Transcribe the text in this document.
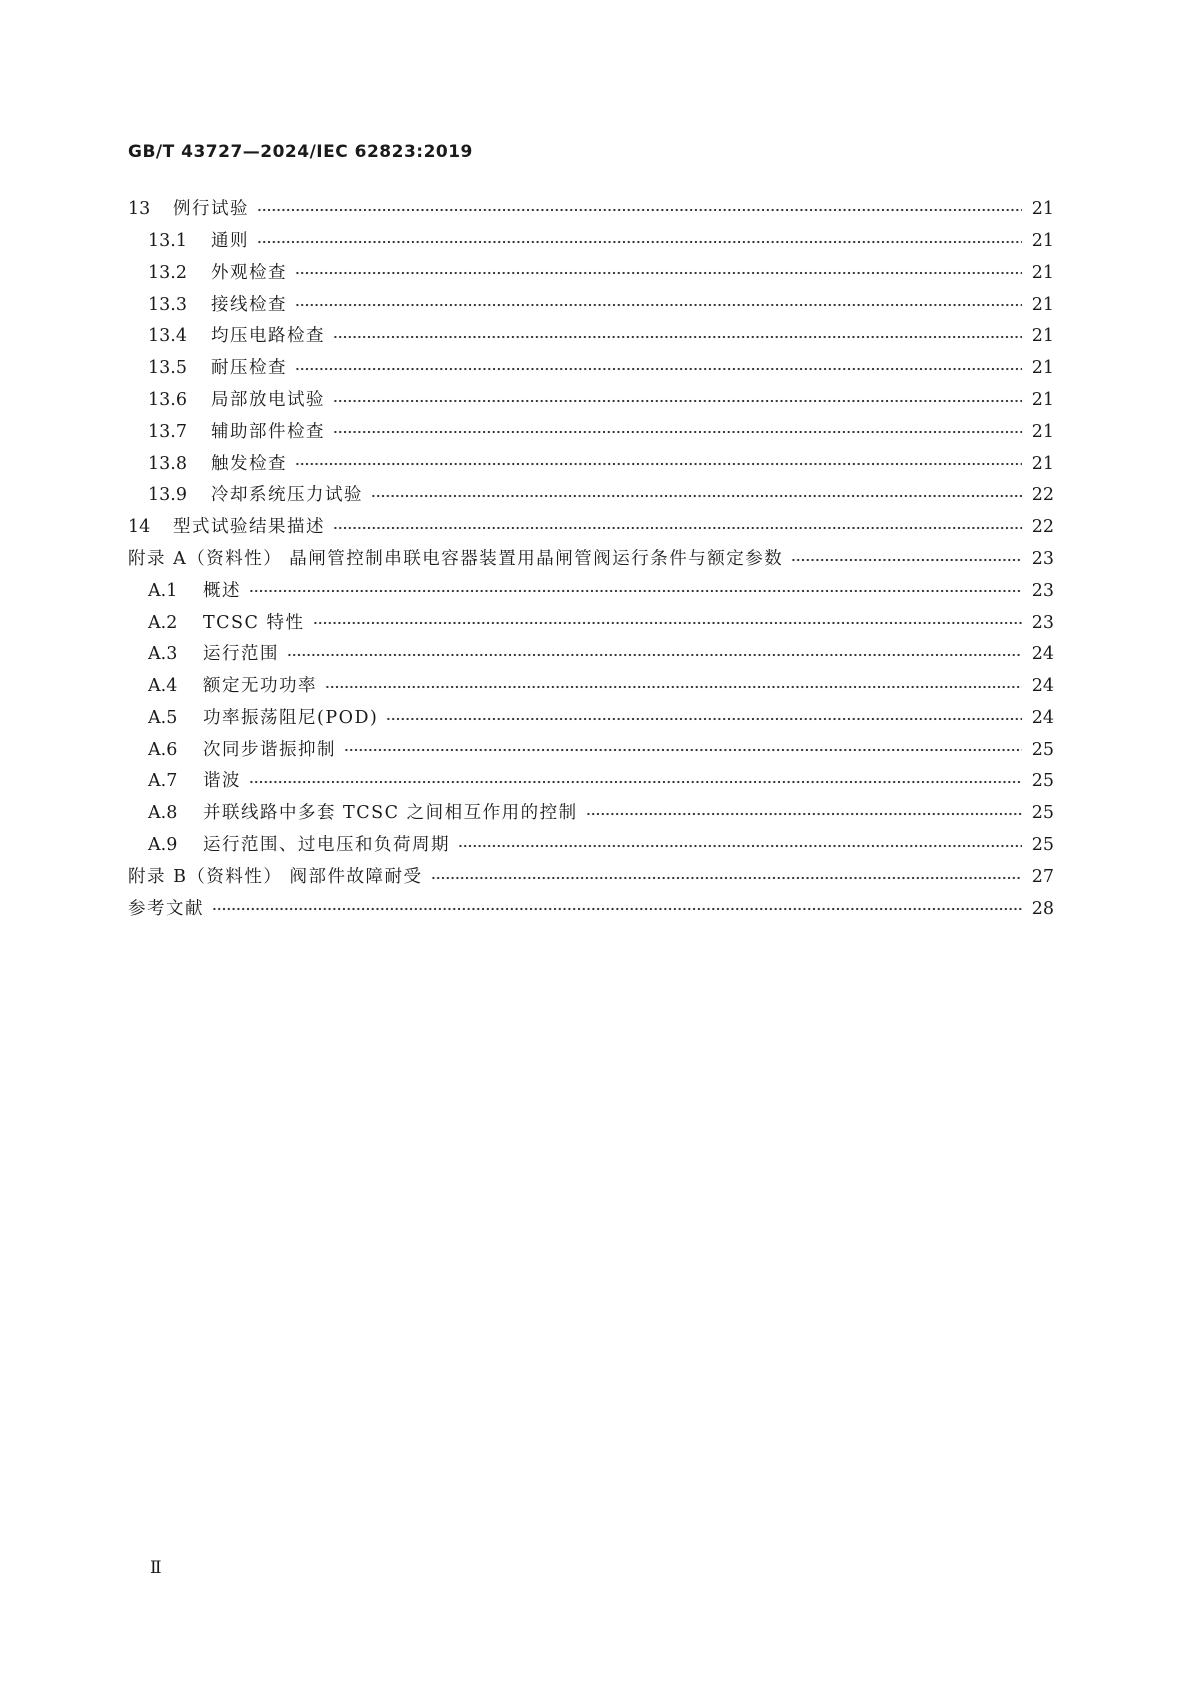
GB/T 43727—2024/IEC 62823:2019
13	例行试验	21
13.1	通则	21
13.2	外观检查	21
13.3	接线检查	21
13.4	均压电路检查	21
13.5	耐压检查	21
13.6	局部放电试验	21
13.7	辅助部件检查	21
13.8	触发检查	21
13.9	冷却系统压力试验	22
14	型式试验结果描述	22
附录 A（资料性） 晶闸管控制串联电容器装置用晶闸管阀运行条件与额定参数	23
A.1	概述	23
A.2	TCSC 特性	23
A.3	运行范围	24
A.4	额定无功功率	24
A.5	功率振荡阻尼(POD)	24
A.6	次同步谐振抑制	25
A.7	谐波	25
A.8	并联线路中多套 TCSC 之间相互作用的控制	25
A.9	运行范围、过电压和负荷周期	25
附录 B（资料性） 阀部件故障耐受	27
参考文献	28
Ⅱ
